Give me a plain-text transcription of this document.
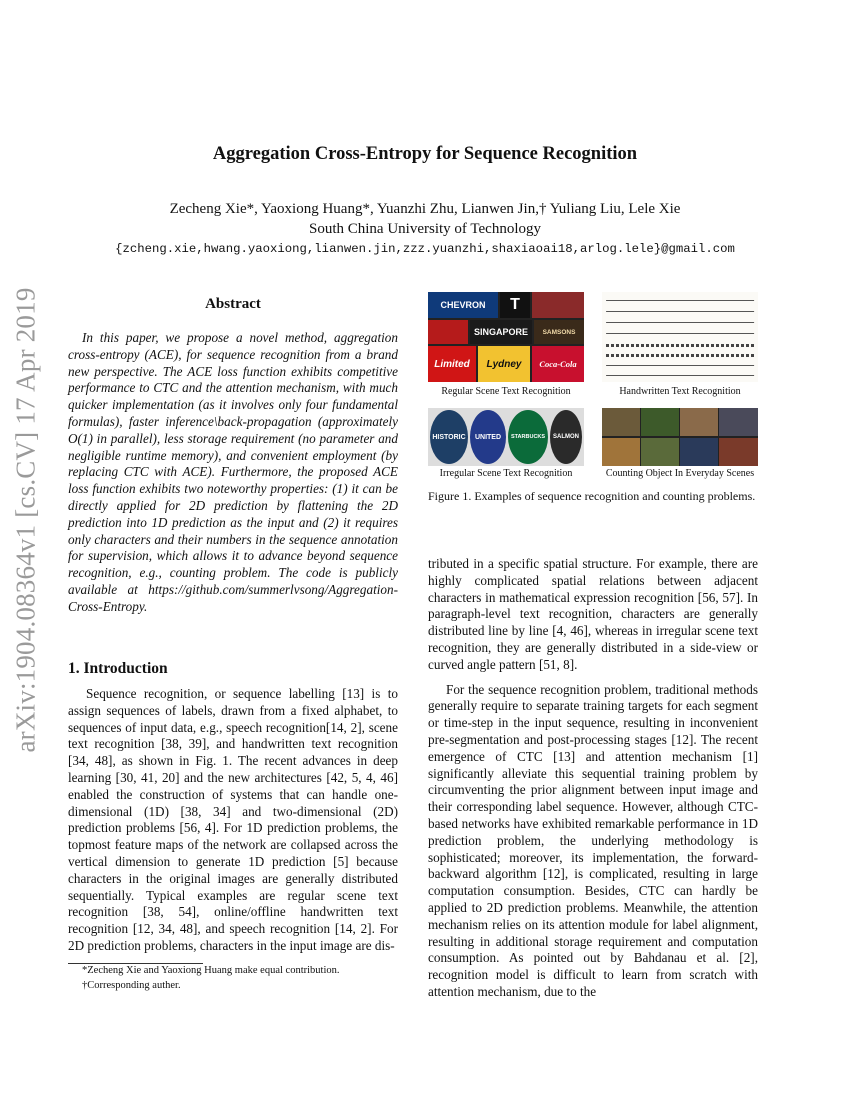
arXiv:1904.08364v1 [cs.CV] 17 Apr 2019
Aggregation Cross-Entropy for Sequence Recognition
Zecheng Xie*, Yaoxiong Huang*, Yuanzhi Zhu, Lianwen Jin,† Yuliang Liu, Lele Xie
South China University of Technology
{zcheng.xie,hwang.yaoxiong,lianwen.jin,zzz.yuanzhi,shaxiaoai18,arlog.lele}@gmail.com
Abstract

In this paper, we propose a novel method, aggregation cross-entropy (ACE), for sequence recognition from a brand new perspective. The ACE loss function exhibits competitive performance to CTC and the attention mechanism, with much quicker implementation (as it involves only four fundamental formulas), faster inference\back-propagation (approximately O(1) in parallel), less storage requirement (no parameter and negligible runtime memory), and convenient employment (by replacing CTC with ACE). Furthermore, the proposed ACE loss function exhibits two noteworthy properties: (1) it can be directly applied for 2D prediction by flattening the 2D prediction into 1D prediction as the input and (2) it requires only characters and their numbers in the sequence annotation for supervision, which allows it to advance beyond sequence recognition, e.g., counting problem. The code is publicly available at https://github.com/summerlvsong/Aggregation-Cross-Entropy.

1. Introduction

Sequence recognition, or sequence labelling [13] is to assign sequences of labels, drawn from a fixed alphabet, to sequences of input data, e.g., speech recognition[14, 2], scene text recognition [38, 39], and handwritten text recognition [34, 48], as shown in Fig. 1. The recent advances in deep learning [30, 41, 20] and the new architectures [42, 5, 4, 46] enabled the construction of systems that can handle one-dimensional (1D) [38, 34] and two-dimensional (2D) prediction problems [56, 4]. For 1D prediction problems, the topmost feature maps of the network are collapsed across the vertical dimension to generate 1D prediction [5] because characters in the original images are generally distributed sequentially. Typical examples are regular scene text recognition [38, 54], online/offline handwritten text recognition [12, 34, 48], and speech recognition [14, 2]. For 2D prediction problems, characters in the input image are dis-

*Zecheng Xie and Yaoxiong Huang make equal contribution.
†Corresponding auther.
CHEVRON	T
SINGAPORE	SAMSONS
Limited	Lydney	Coca-Cola
Regular Scene Text Recognition	Handwritten Text Recognition
HISTORIC	UNITED	STARBUCKS	SALMON
Irregular Scene Text Recognition	Counting Object In Everyday Scenes
Figure 1. Examples of sequence recognition and counting problems.

tributed in a specific spatial structure. For example, there are highly complicated spatial relations between adjacent characters in mathematical expression recognition [56, 57]. In paragraph-level text recognition, characters are generally distributed line by line [4, 46], whereas in irregular scene text recognition, they are generally distributed in a side-view or curved angle pattern [51, 8].

For the sequence recognition problem, traditional methods generally require to separate training targets for each segment or time-step in the input sequence, resulting in inconvenient pre-segmentation and post-processing stages [12]. The recent emergence of CTC [13] and attention mechanism [1] significantly alleviate this sequential training problem by circumventing the prior alignment between input image and their corresponding label sequence. However, although CTC-based networks have exhibited remarkable performance in 1D prediction problem, the underlying methodology is sophisticated; moreover, its implementation, the forward-backward algorithm [12], is complicated, resulting in large computation consumption. Besides, CTC can hardly be applied to 2D prediction problems. Meanwhile, the attention mechanism relies on its attention module for label alignment, resulting in additional storage requirement and computation consumption. As pointed out by Bahdanau et al. [2], recognition model is difficult to learn from scratch with attention mechanism, due to the
